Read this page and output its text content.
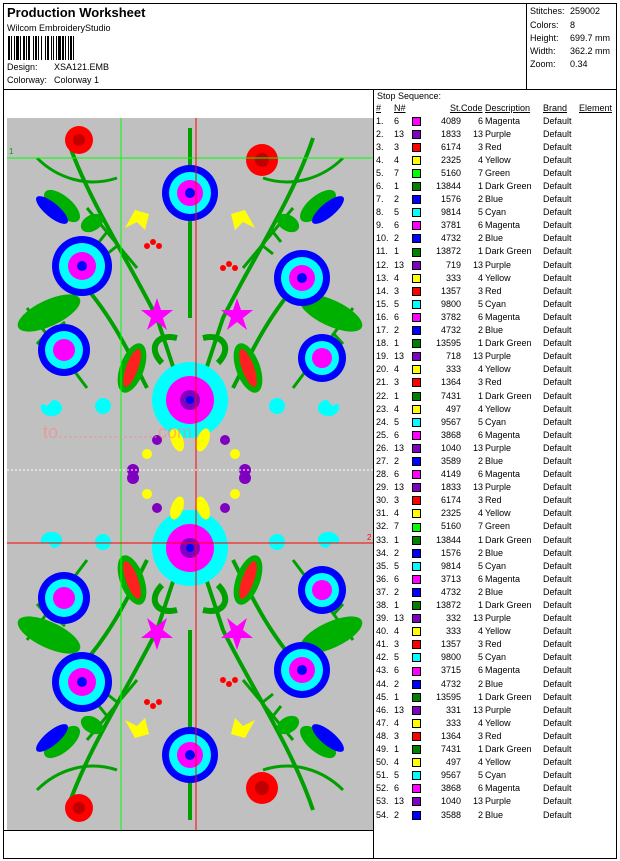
Production Worksheet
Wilcom EmbroideryStudio
Design: XSA121.EMB
Colorway: Colorway 1
Stitches: 259002
Colors: 8
Height: 699.7 mm
Width: 362.2 mm
Zoom: 0.34
1
2
to....................com
Stop Sequence:
#	N#		St.	Code	Description	Brand	Element
1.	6		4089	6	Magenta	Default	
2.	13		1833	13	Purple	Default	
3.	3		6174	3	Red	Default	
4.	4		2325	4	Yellow	Default	
5.	7		5160	7	Green	Default	
6.	1		13844	1	Dark Green	Default	
7.	2		1576	2	Blue	Default	
8.	5		9814	5	Cyan	Default	
9.	6		3781	6	Magenta	Default	
10.	2		4732	2	Blue	Default	
11.	1		13872	1	Dark Green	Default	
12.	13		719	13	Purple	Default	
13.	4		333	4	Yellow	Default	
14.	3		1357	3	Red	Default	
15.	5		9800	5	Cyan	Default	
16.	6		3782	6	Magenta	Default	
17.	2		4732	2	Blue	Default	
18.	1		13595	1	Dark Green	Default	
19.	13		718	13	Purple	Default	
20.	4		333	4	Yellow	Default	
21.	3		1364	3	Red	Default	
22.	1		7431	1	Dark Green	Default	
23.	4		497	4	Yellow	Default	
24.	5		9567	5	Cyan	Default	
25.	6		3868	6	Magenta	Default	
26.	13		1040	13	Purple	Default	
27.	2		3589	2	Blue	Default	
28.	6		4149	6	Magenta	Default	
29.	13		1833	13	Purple	Default	
30.	3		6174	3	Red	Default	
31.	4		2325	4	Yellow	Default	
32.	7		5160	7	Green	Default	
33.	1		13844	1	Dark Green	Default	
34.	2		1576	2	Blue	Default	
35.	5		9814	5	Cyan	Default	
36.	6		3713	6	Magenta	Default	
37.	2		4732	2	Blue	Default	
38.	1		13872	1	Dark Green	Default	
39.	13		332	13	Purple	Default	
40.	4		333	4	Yellow	Default	
41.	3		1357	3	Red	Default	
42.	5		9800	5	Cyan	Default	
43.	6		3715	6	Magenta	Default	
44.	2		4732	2	Blue	Default	
45.	1		13595	1	Dark Green	Default	
46.	13		331	13	Purple	Default	
47.	4		333	4	Yellow	Default	
48.	3		1364	3	Red	Default	
49.	1		7431	1	Dark Green	Default	
50.	4		497	4	Yellow	Default	
51.	5		9567	5	Cyan	Default	
52.	6		3868	6	Magenta	Default	
53.	13		1040	13	Purple	Default	
54.	2		3588	2	Blue	Default	
